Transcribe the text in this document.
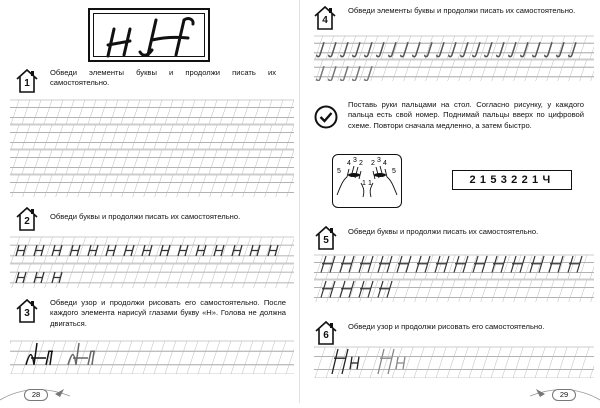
1
Обведи элементы буквы и продолжи писать их самостоятельно.
2	Обведи буквы и продолжи писать их самостоятельно.
3
Обведи узор и продолжи рисовать его самостоятельно. После каждого элемента нарисуй глазами букву «Н». Голова не должна двигаться.
28
4
Обведи элементы буквы и продолжи писать их самостоятельно.
Поставь руки пальцами на стол. Согласно рисунку, у каждого пальца есть свой номер. Поднимай пальцы вверх по цифровой схеме. Повтори сначала медленно, а затем быстро.
5
4 3 2
1 1
2 3 4
5
2153221Ч
5
Обведи буквы и продолжи писать их самостоятельно.
6
Обведи узор и продолжи рисовать его самостоятельно.
29
